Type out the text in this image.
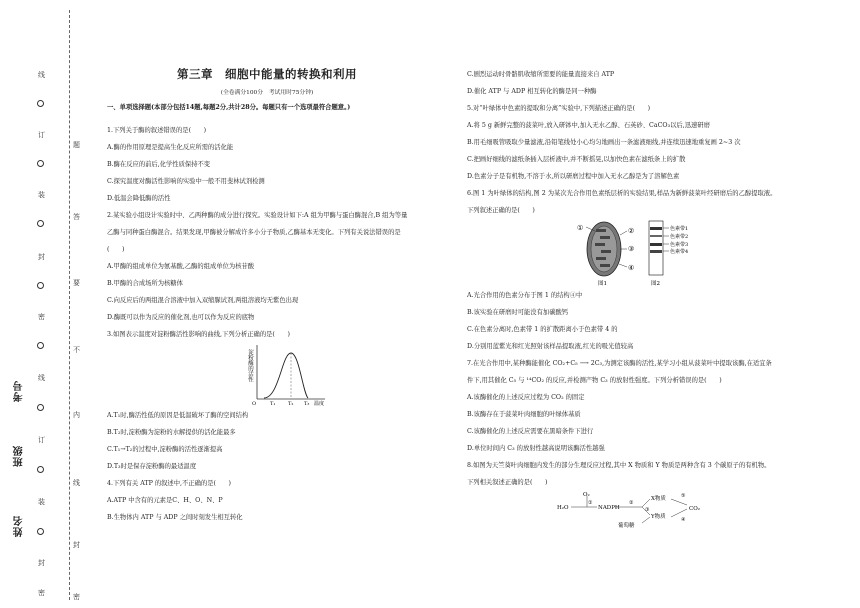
线
订
装
封
密
线
订
装
封
密
考号
班级
姓名
题
答
要
不
内
线
封
密

第三章　细胞中能量的转换和利用

(全卷满分100分　考试用时75分钟)

一、单项选择题(本部分包括14题,每题2分,共计28分。每题只有一个选项最符合题意。)

1.下列关于酶的叙述错误的是(　　)

A.酶的作用原理是提高生化反应所需的活化能

B.酶在反应的前后,化学性质保持不变

C.探究温度对酶活性影响的实验中一般不用斐林试剂检测

D.低温会降低酶的活性

2.某实验小组设计实验时中、乙两种酶的成分进行探究。实验设计如下:A 组为甲酶与蛋白酶混合,B 组为等量

乙酶与同种蛋白酶混合。结果发现,甲酶被分解成许多小分子物质,乙酶基本无变化。下列有关说法错误的是

(　　)

A.甲酶的组成单位为氨基酸,乙酶的组成单位为核苷酸

B.甲酶的合成场所为核糖体

C.向反应后的两组混合溶液中加入双缩脲试剂,两组溶液均无紫色出现

D.酶既可以作为反应的催化剂,也可以作为反应的底物

3.如图表示温度对淀粉酶活性影响的曲线,下列分析正确的是(　　)

淀粉酶的活性
O	T₁	T₂ T₃ 温度

A.T₁时,酶活性低的原因是低温破坏了酶的空间结构

B.T₂时,淀粉酶为淀粉的水解提供的活化能最多

C.T₁→T₂的过程中,淀粉酶的活性逐渐提高

D.T₃时是保存淀粉酶的最适温度

4.下列有关 ATP 的叙述中,不正确的是(　　)

A.ATP 中含有的元素是C、H、O、N、P

B.生物体内 ATP 与 ADP 之间时刻发生相互转化

C.剧烈运动时骨骼肌收缩所需要的能量直接来自 ATP

D.催化 ATP 与 ADP 相互转化的酶是同一种酶

5.对“叶绿体中色素的提取和分离”实验中,下列描述正确的是(　　)

A.将 5 g 新鲜完整的菠菜叶,放入研钵中,加入无水乙醇、石英砂、CaCO₃以后,迅速研磨

B.用毛细吸管吸取少量滤液,沿铅笔线处小心均匀地画出一条滤液细线,并连续迅速地重复画 2~3 次

C.把画好细线的滤纸条插入层析液中,并不断摇晃,以加快色素在滤纸条上的扩散

D.色素分子是有机物,不溶于水,所以研磨过程中加入无水乙醇是为了溶解色素

6.图 1 为叶绿体的结构,图 2 为某次光合作用色素纸层析的实验结果,样品为新鲜菠菜叶经研磨后的乙醇提取液。

下列叙述正确的是(　　)

①	②
③
④
图1
色素带1
色素带2
色素带3
色素带4
图2

A.光合作用的色素分布于图 1 的结构④中

B.该实验在研磨时可能没有加碳酸钙

C.在色素分离时,色素带 1 的扩散距离小于色素带 4 的

D.分别用蓝紫光和红光照射该样品提取液,红光的吸光值较高

7.在光合作用中,某种酶能催化 CO₂+C₅ ⟶ 2C₃,为测定该酶的活性,某学习小组从菠菜叶中提取该酶,在适宜条

件下,用其催化 C₅ 与 ¹⁴CO₂ 的反应,并检测产物 C₃ 的放射性强度。下列分析错误的是(　　)

A.该酶催化的上述反应过程为 CO₂ 的固定

B.该酶存在于菠菜叶肉细胞的叶绿体基质

C.该酶催化的上述反应需要在黑暗条件下进行

D.单位时间内 C₃ 的放射性越高说明该酶活性越强

8.如图为天竺葵叶肉细胞内发生的部分生理反应过程,其中 X 物质和 Y 物质是两种含有 3 个碳原子的有机物。

下列相关叙述正确的是(　　)

H₂O
O₂
①
NADPH
②
X物质
Y物质
⑤
CO₂
④
③
葡萄糖
